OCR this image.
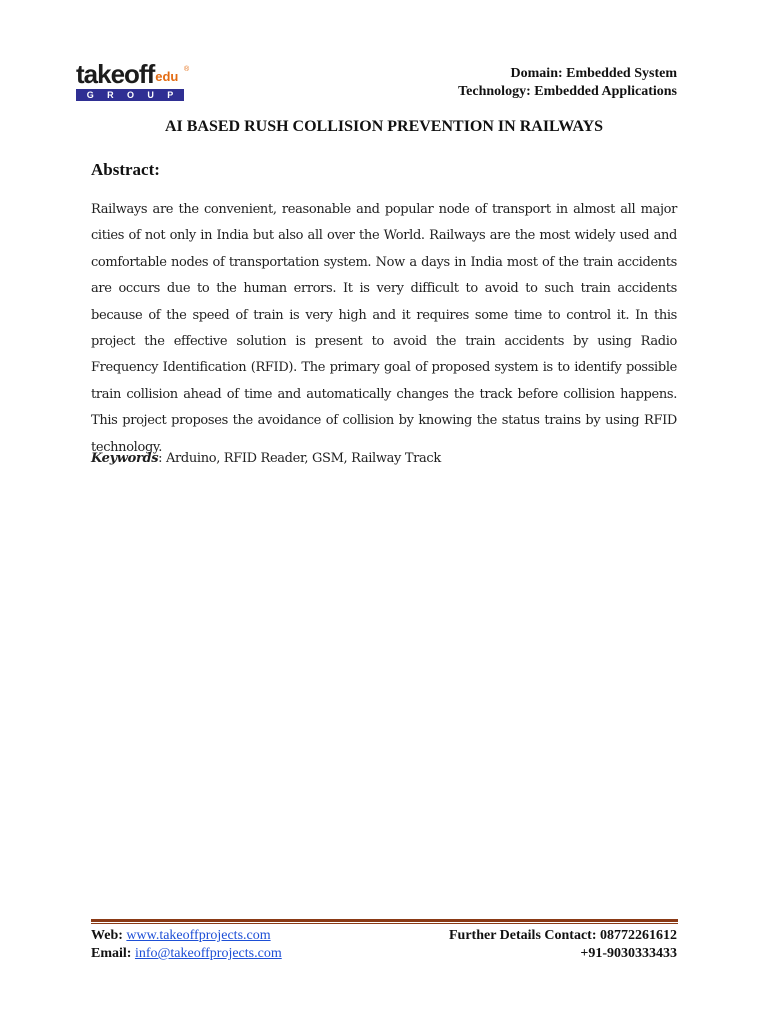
takeoffedu ®
G R O U P
Domain: Embedded System
Technology: Embedded Applications
AI BASED RUSH COLLISION PREVENTION IN RAILWAYS
Abstract:

Railways are the convenient, reasonable and popular node of transport in almost all major cities of not only in India but also all over the World. Railways are the most widely used and comfortable nodes of transportation system. Now a days in India most of the train accidents are occurs due to the human errors. It is very difficult to avoid to such train accidents because of the speed of train is very high and it requires some time to control it. In this project the effective solution is present to avoid the train accidents by using Radio Frequency Identification (RFID). The primary goal of proposed system is to identify possible train collision ahead of time and automatically changes the track before collision happens. This project proposes the avoidance of collision by knowing the status trains by using RFID technology.

Keywords: Arduino, RFID Reader, GSM, Railway Track
Web: www.takeoffprojects.com
Email: info@takeoffprojects.com
Further Details Contact: 08772261612
+91-9030333433
